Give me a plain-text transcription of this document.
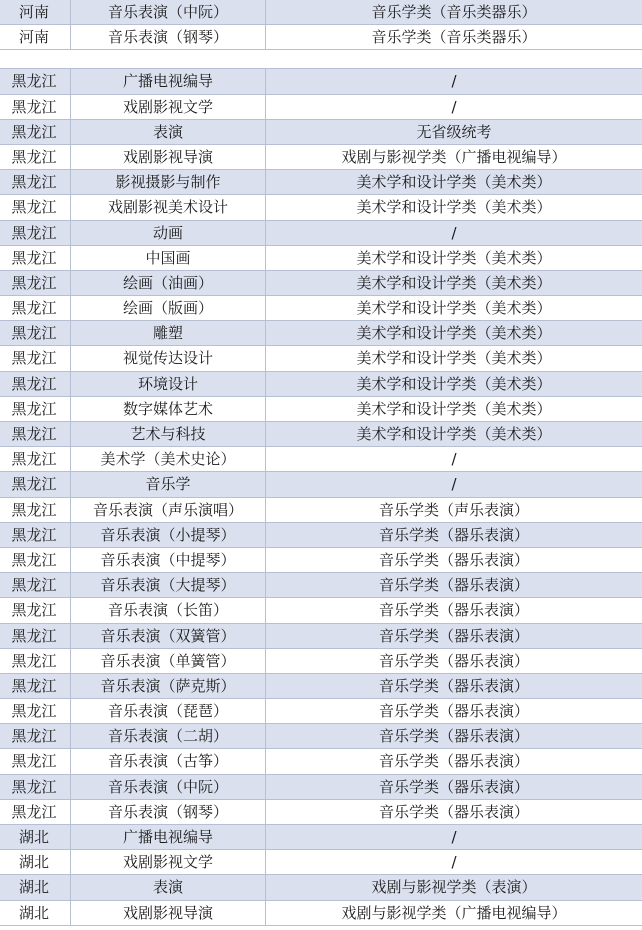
河南	音乐表演（中阮）	音乐学类（音乐类器乐）
河南	音乐表演（钢琴）	音乐学类（音乐类器乐）
黑龙江	广播电视编导	/
黑龙江	戏剧影视文学	/
黑龙江	表演	无省级统考
黑龙江	戏剧影视导演	戏剧与影视学类（广播电视编导）
黑龙江	影视摄影与制作	美术学和设计学类（美术类）
黑龙江	戏剧影视美术设计	美术学和设计学类（美术类）
黑龙江	动画	/
黑龙江	中国画	美术学和设计学类（美术类）
黑龙江	绘画（油画）	美术学和设计学类（美术类）
黑龙江	绘画（版画）	美术学和设计学类（美术类）
黑龙江	雕塑	美术学和设计学类（美术类）
黑龙江	视觉传达设计	美术学和设计学类（美术类）
黑龙江	环境设计	美术学和设计学类（美术类）
黑龙江	数字媒体艺术	美术学和设计学类（美术类）
黑龙江	艺术与科技	美术学和设计学类（美术类）
黑龙江	美术学（美术史论）	/
黑龙江	音乐学	/
黑龙江	音乐表演（声乐演唱）	音乐学类（声乐表演）
黑龙江	音乐表演（小提琴）	音乐学类（器乐表演）
黑龙江	音乐表演（中提琴）	音乐学类（器乐表演）
黑龙江	音乐表演（大提琴）	音乐学类（器乐表演）
黑龙江	音乐表演（长笛）	音乐学类（器乐表演）
黑龙江	音乐表演（双簧管）	音乐学类（器乐表演）
黑龙江	音乐表演（单簧管）	音乐学类（器乐表演）
黑龙江	音乐表演（萨克斯）	音乐学类（器乐表演）
黑龙江	音乐表演（琵琶）	音乐学类（器乐表演）
黑龙江	音乐表演（二胡）	音乐学类（器乐表演）
黑龙江	音乐表演（古筝）	音乐学类（器乐表演）
黑龙江	音乐表演（中阮）	音乐学类（器乐表演）
黑龙江	音乐表演（钢琴）	音乐学类（器乐表演）
湖北	广播电视编导	/
湖北	戏剧影视文学	/
湖北	表演	戏剧与影视学类（表演）
湖北	戏剧影视导演	戏剧与影视学类（广播电视编导）
